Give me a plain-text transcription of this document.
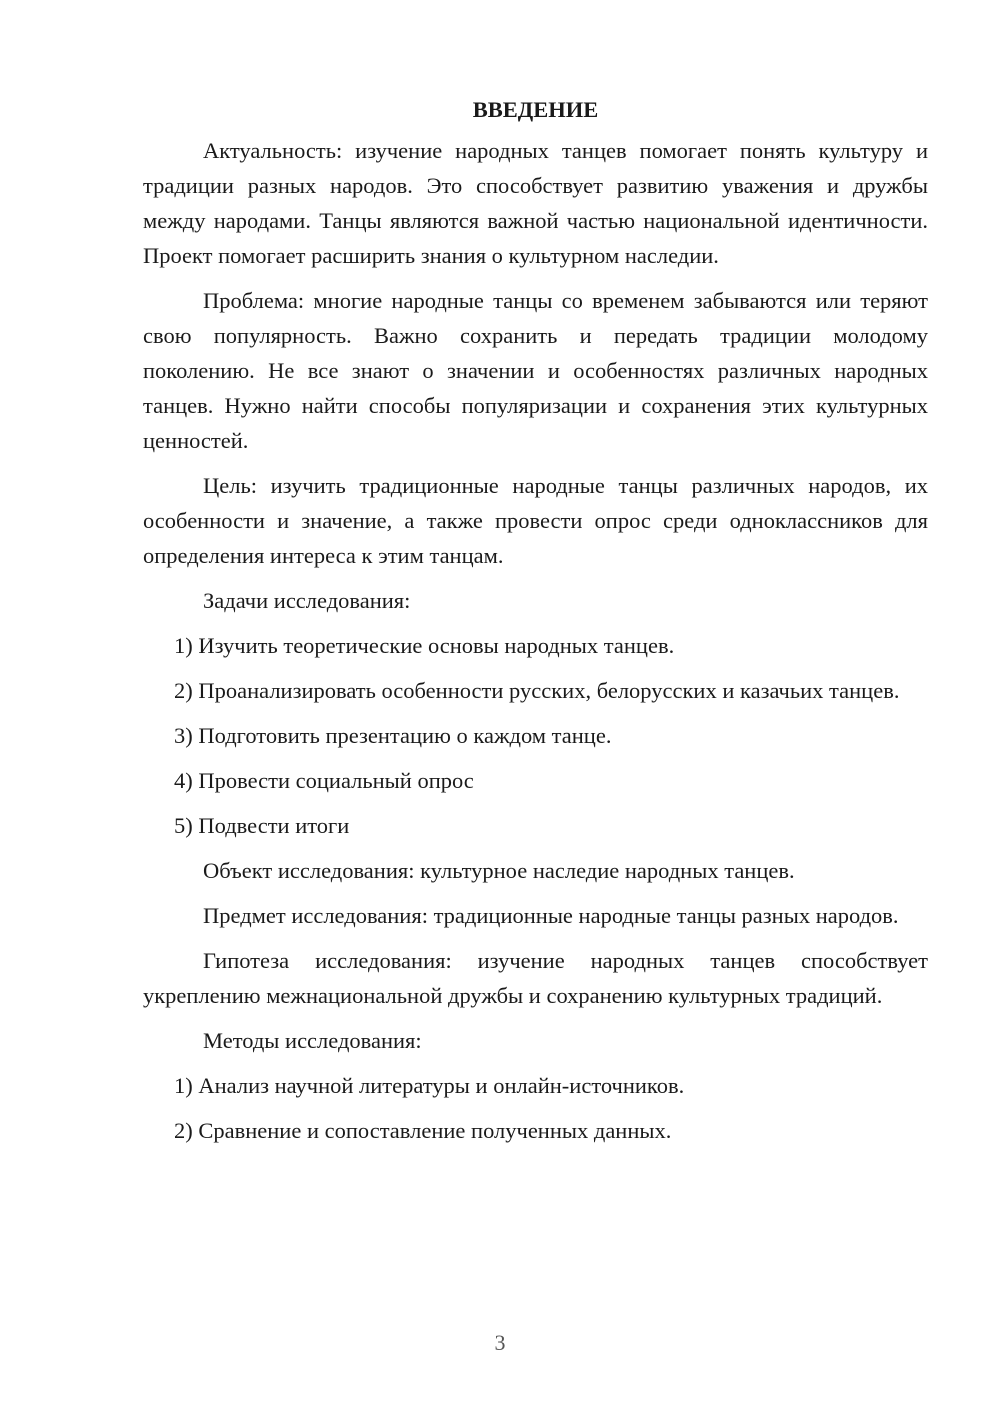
ВВЕДЕНИЕ

Актуальность: изучение народных танцев помогает понять культуру и традиции разных народов. Это способствует развитию уважения и дружбы между народами. Танцы являются важной частью национальной идентичности. Проект помогает расширить знания о культурном наследии.

Проблема: многие народные танцы со временем забываются или теряют свою популярность. Важно сохранить и передать традиции молодому поколению. Не все знают о значении и особенностях различных народных танцев. Нужно найти способы популяризации и сохранения этих культурных ценностей.

Цель: изучить традиционные народные танцы различных народов, их особенности и значение, а также провести опрос среди одноклассников для определения интереса к этим танцам.

Задачи исследования:

1) Изучить теоретические основы народных танцев.

2) Проанализировать особенности русских, белорусских и казачьих танцев.

3) Подготовить презентацию о каждом танце.

4) Провести социальный опрос

5) Подвести итоги

Объект исследования: культурное наследие народных танцев.

Предмет исследования: традиционные народные танцы разных народов.

Гипотеза исследования: изучение народных танцев способствует укреплению межнациональной дружбы и сохранению культурных традиций.

Методы исследования:

1) Анализ научной литературы и онлайн-источников.

2) Сравнение и сопоставление полученных данных.

3
